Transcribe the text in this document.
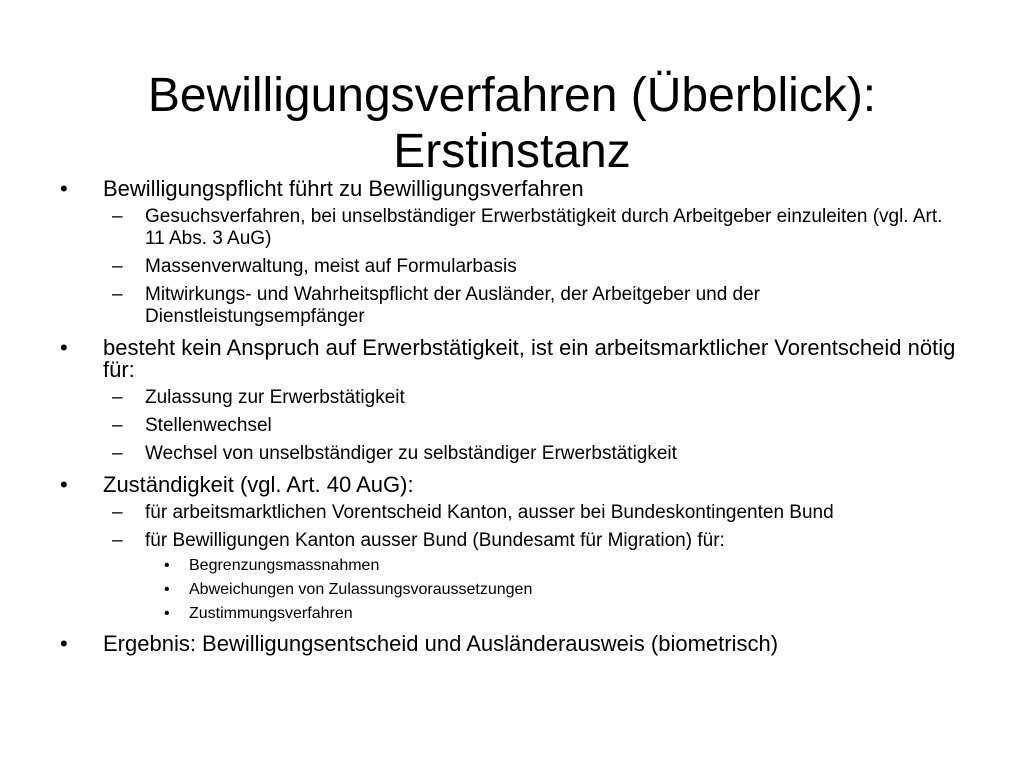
Bewilligungsverfahren (Überblick):
Erstinstanz
• Bewilligungspflicht führt zu Bewilligungsverfahren
– Gesuchsverfahren, bei unselbständiger Erwerbstätigkeit durch Arbeitgeber einzuleiten (vgl. Art. 11 Abs. 3 AuG)
– Massenverwaltung, meist auf Formularbasis
– Mitwirkungs- und Wahrheitspflicht der Ausländer, der Arbeitgeber und der Dienstleistungsempfänger
• besteht kein Anspruch auf Erwerbstätigkeit, ist ein arbeitsmarktlicher Vorentscheid nötig für:
– Zulassung zur Erwerbstätigkeit
– Stellenwechsel
– Wechsel von unselbständiger zu selbständiger Erwerbstätigkeit
• Zuständigkeit (vgl. Art. 40 AuG):
– für arbeitsmarktlichen Vorentscheid Kanton, ausser bei Bundeskontingenten Bund
– für Bewilligungen Kanton ausser Bund (Bundesamt für Migration) für:
• Begrenzungsmassnahmen
• Abweichungen von Zulassungsvoraussetzungen
• Zustimmungsverfahren
• Ergebnis: Bewilligungsentscheid und Ausländerausweis (biometrisch)
